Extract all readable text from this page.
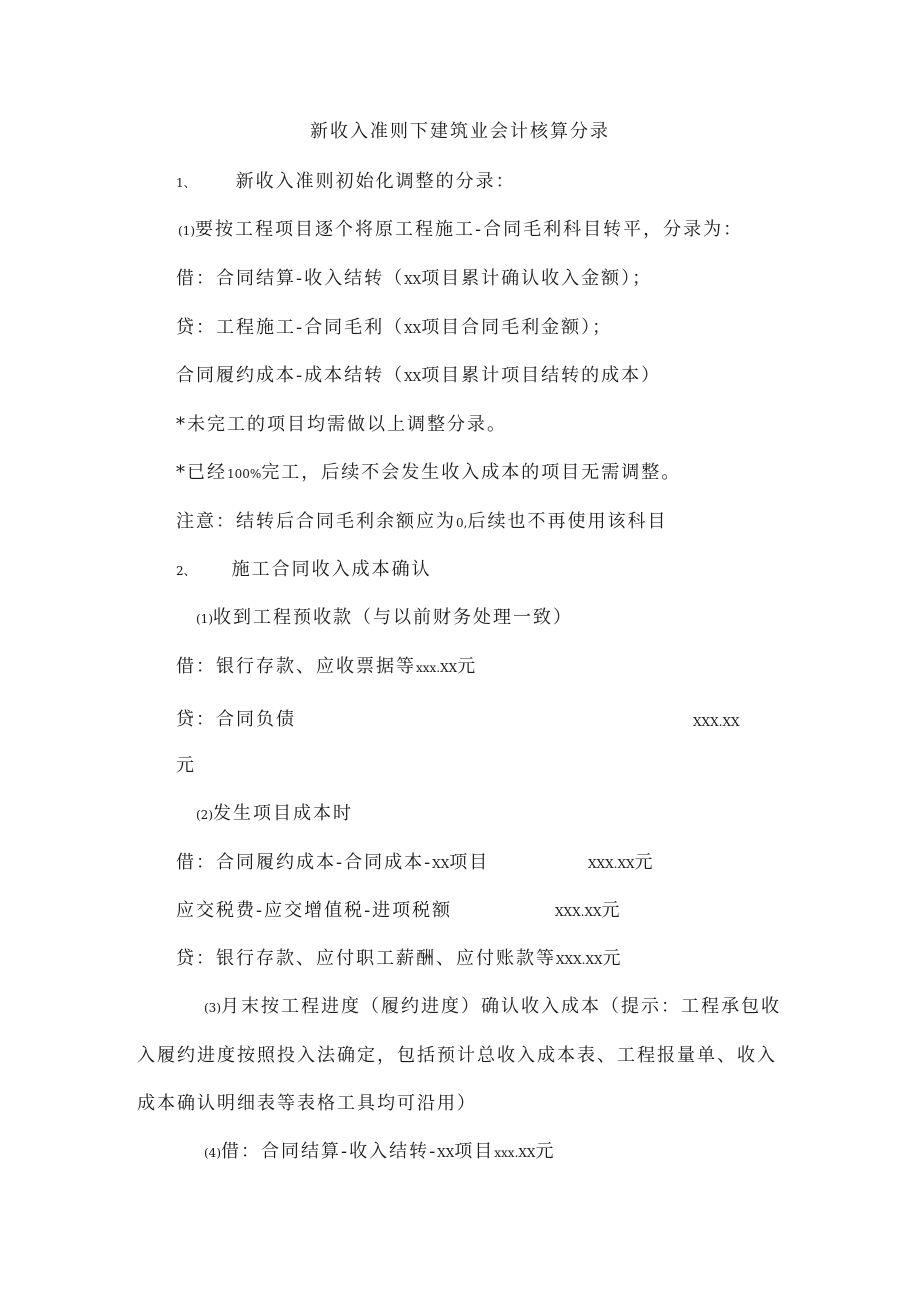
新收入准则下建筑业会计核算分录
1、 新收入准则初始化调整的分录：
(1)要按工程项目逐个将原工程施工-合同毛利科目转平，分录为：
借：合同结算-收入结转（XX项目累计确认收入金额）；
贷：工程施工-合同毛利（XX项目合同毛利金额）；
合同履约成本-成本结转（XX项目累计项目结转的成本）
*未完工的项目均需做以上调整分录。
*已经100%完工，后续不会发生收入成本的项目无需调整。
注意：结转后合同毛利余额应为0,后续也不再使用该科目
2、 施工合同收入成本确认
(1)收到工程预收款（与以前财务处理一致）
借：银行存款、应收票据等xxx.XX元
贷：合同负债	XXX.XX
元
(2)发生项目成本时
借：合同履约成本-合同成本-XX项目	XXX.XX元
应交税费-应交增值税-进项税额	XXX.XX元
贷：银行存款、应付职工薪酬、应付账款等XXX.XX元
(3)月末按工程进度（履约进度）确认收入成本（提示：工程承包收
入履约进度按照投入法确定，包括预计总收入成本表、工程报量单、收入
成本确认明细表等表格工具均可沿用）
(4)借：合同结算-收入结转-XX项目xxx.XX元
